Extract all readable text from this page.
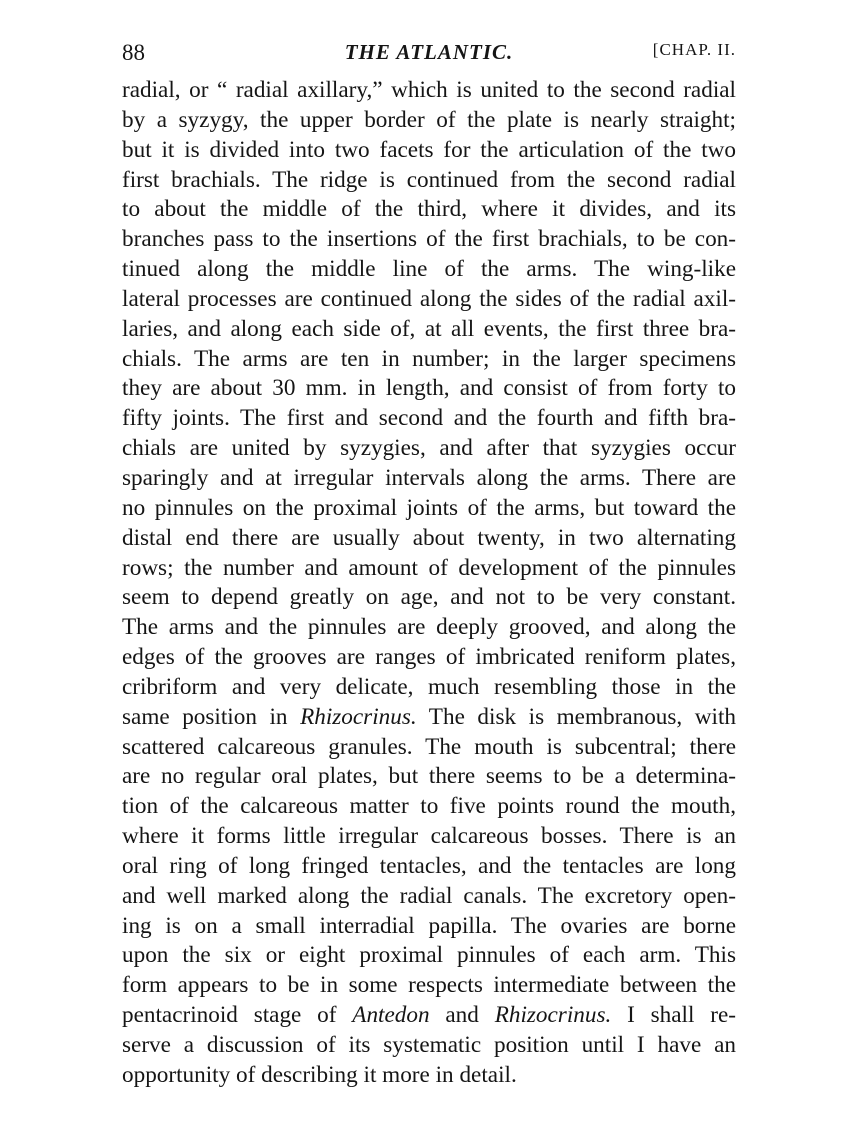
88	THE ATLANTIC.	[CHAP. II.
radial, or “ radial axillary,” which is united to the second radial
by a syzygy, the upper border of the plate is nearly straight;
but it is divided into two facets for the articulation of the two
first brachials. The ridge is continued from the second radial
to about the middle of the third, where it divides, and its
branches pass to the insertions of the first brachials, to be con-
tinued along the middle line of the arms. The wing-like
lateral processes are continued along the sides of the radial axil-
laries, and along each side of, at all events, the first three bra-
chials. The arms are ten in number; in the larger specimens
they are about 30 mm. in length, and consist of from forty to
fifty joints. The first and second and the fourth and fifth bra-
chials are united by syzygies, and after that syzygies occur
sparingly and at irregular intervals along the arms. There are
no pinnules on the proximal joints of the arms, but toward the
distal end there are usually about twenty, in two alternating
rows; the number and amount of development of the pinnules
seem to depend greatly on age, and not to be very constant.
The arms and the pinnules are deeply grooved, and along the
edges of the grooves are ranges of imbricated reniform plates,
cribriform and very delicate, much resembling those in the
same position in Rhizocrinus. The disk is membranous, with
scattered calcareous granules. The mouth is subcentral; there
are no regular oral plates, but there seems to be a determina-
tion of the calcareous matter to five points round the mouth,
where it forms little irregular calcareous bosses. There is an
oral ring of long fringed tentacles, and the tentacles are long
and well marked along the radial canals. The excretory open-
ing is on a small interradial papilla. The ovaries are borne
upon the six or eight proximal pinnules of each arm. This
form appears to be in some respects intermediate between the
pentacrinoid stage of Antedon and Rhizocrinus. I shall re-
serve a discussion of its systematic position until I have an
opportunity of describing it more in detail.
